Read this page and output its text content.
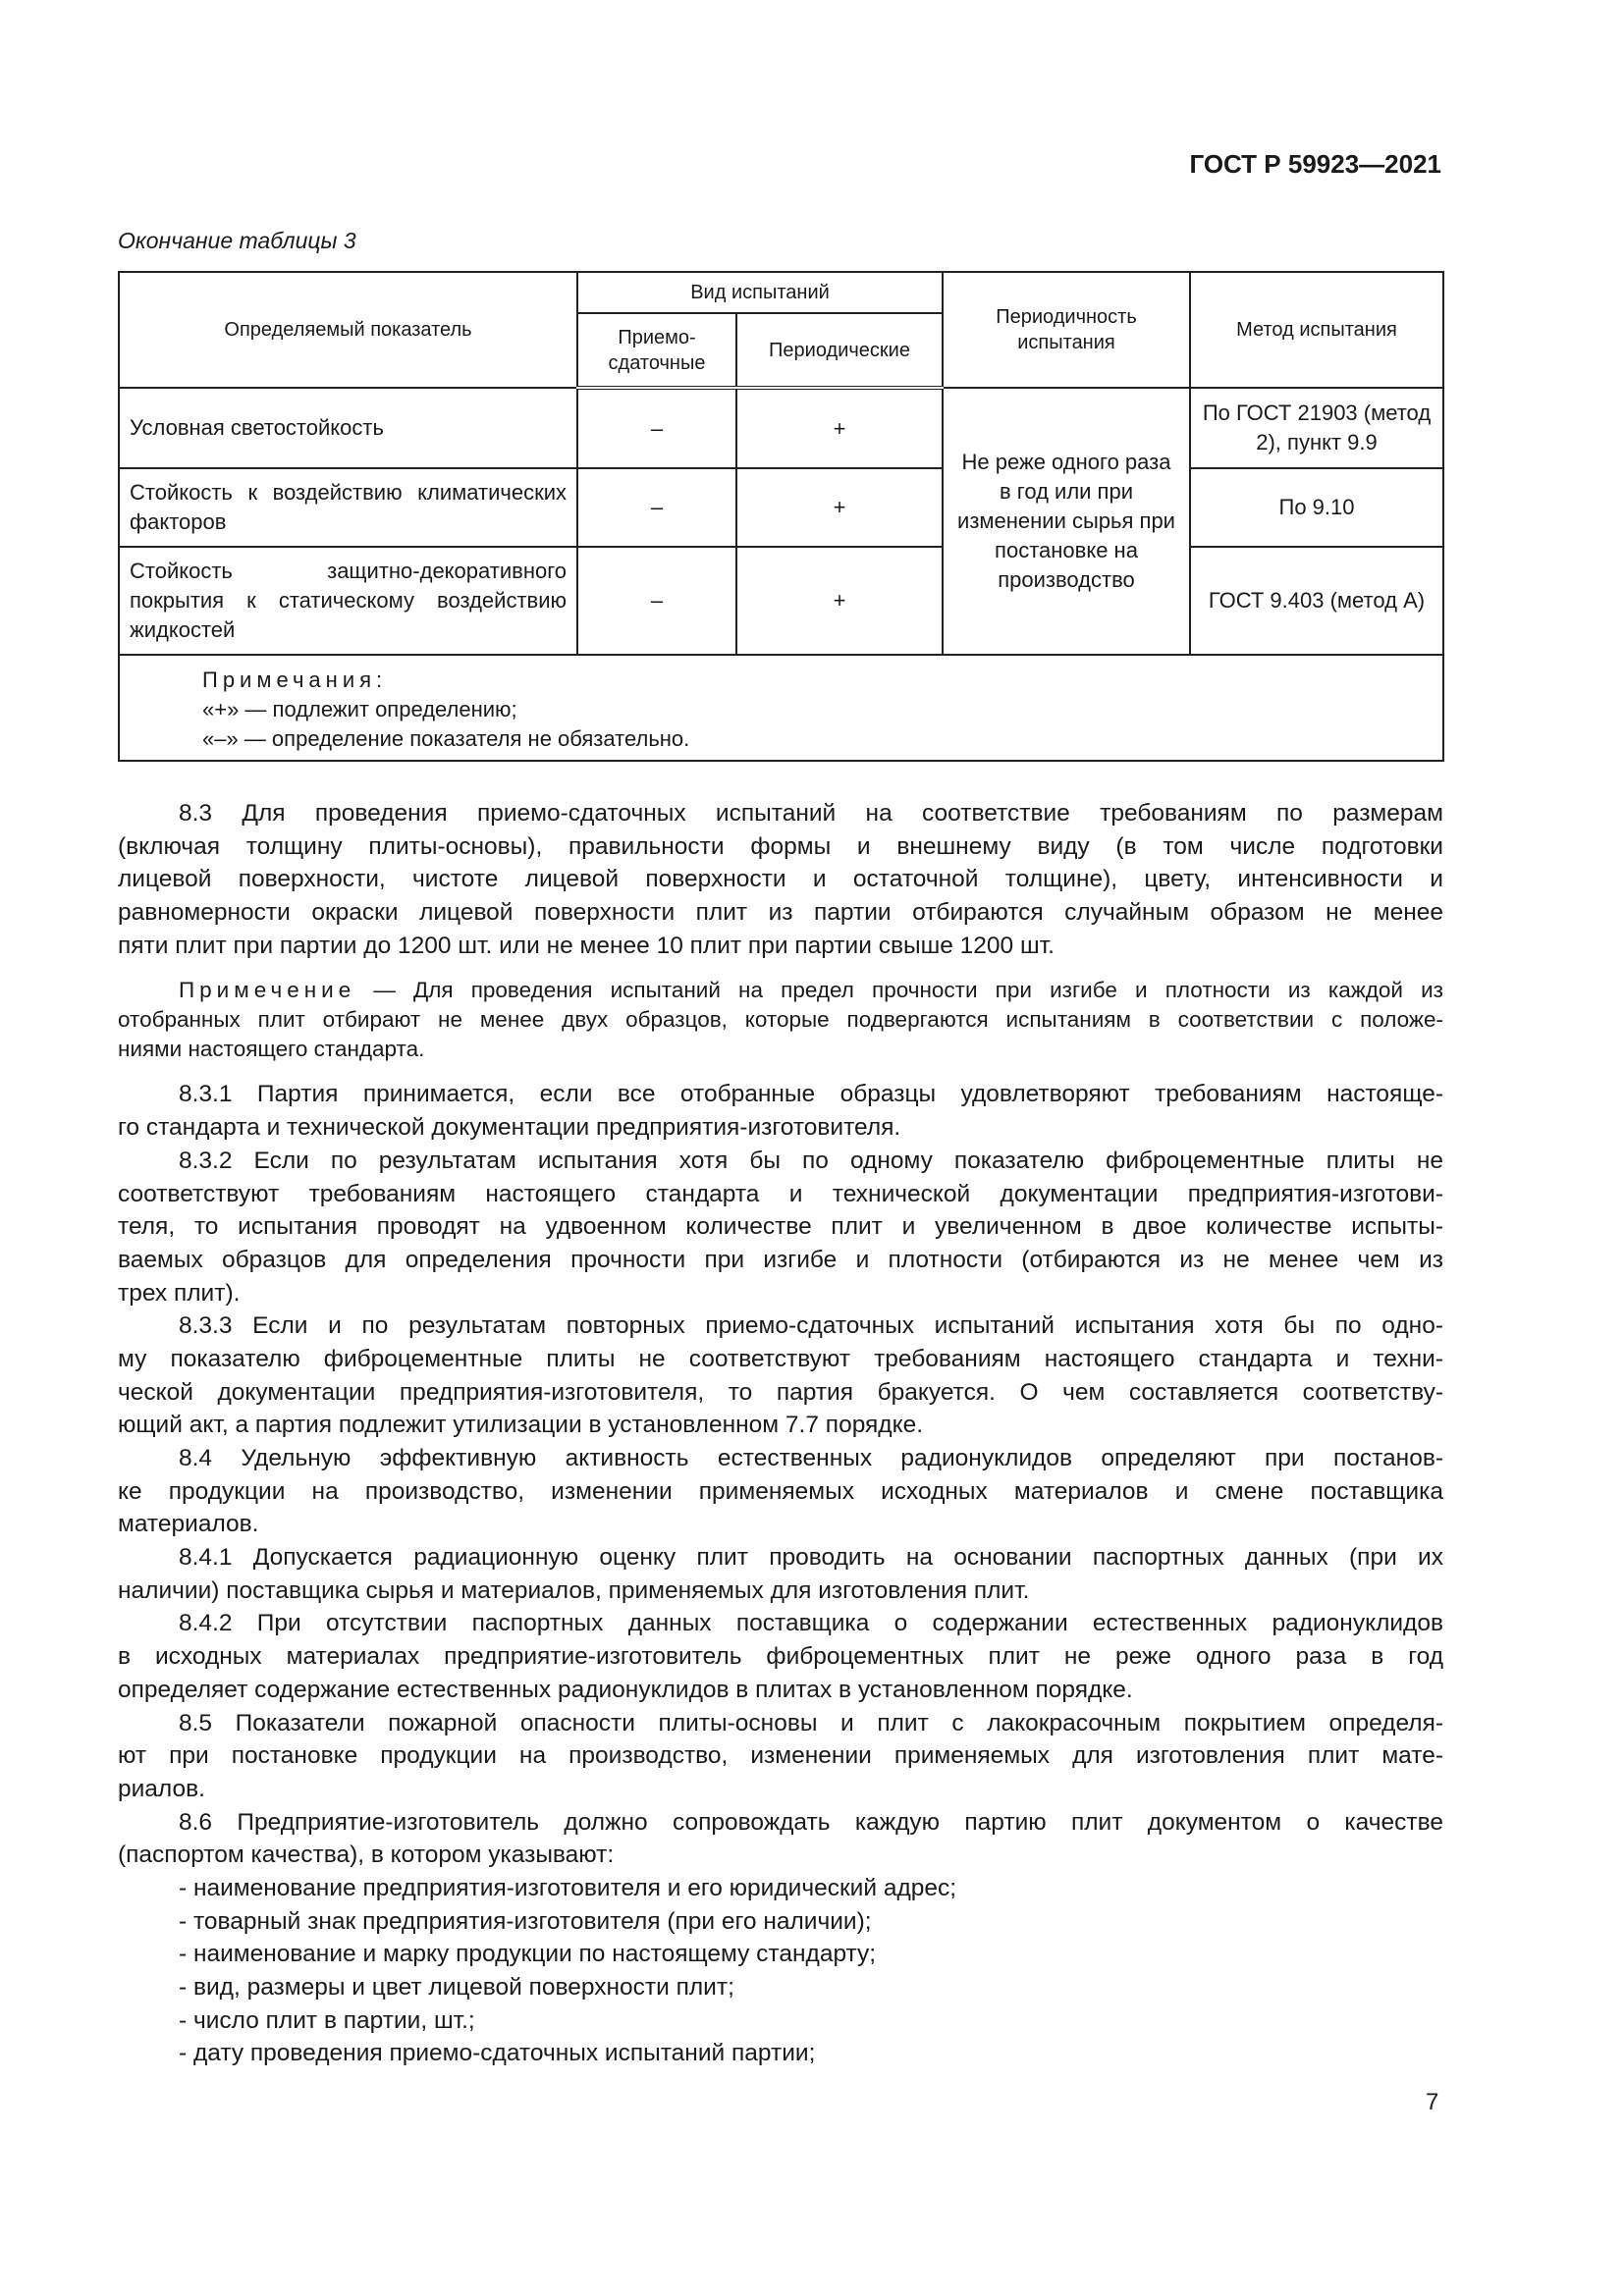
ГОСТ Р 59923—2021
Окончание таблицы 3
Определяемый показатель	Вид испытаний		Периодичность испытания	Метод испытания
	Приемо-сдаточные	Периодические		
Условная светостойкость	–	+	Не реже одного раза в год или при изменении сырья при постановке на производство	По ГОСТ 21903 (метод 2), пункт 9.9
Стойкость к воздействию климатических факторов	–	+		По 9.10
Стойкость защитно-декоративного покрытия к статическому воздействию жидкостей	–	+		ГОСТ 9.403 (метод А)

Примечания:
«+» — подлежит определению;
«–» — определение показателя не обязательно.				
8.3 Для проведения приемо-сдаточных испытаний на соответствие требованиям по размерам
(включая толщину плиты-основы), правильности формы и внешнему виду (в том числе подготовки
лицевой поверхности, чистоте лицевой поверхности и остаточной толщине), цвету, интенсивности и
равномерности окраски лицевой поверхности плит из партии отбираются случайным образом не менее
пяти плит при партии до 1200 шт. или не менее 10 плит при партии свыше 1200 шт.
Примечение — Для проведения испытаний на предел прочности при изгибе и плотности из каждой из
отобранных плит отбирают не менее двух образцов, которые подвергаются испытаниям в соответствии с положе-
ниями настоящего стандарта.
8.3.1 Партия принимается, если все отобранные образцы удовлетворяют требованиям настояще-
го стандарта и технической документации предприятия-изготовителя.
8.3.2 Если по результатам испытания хотя бы по одному показателю фиброцементные плиты не
соответствуют требованиям настоящего стандарта и технической документации предприятия-изготови-
теля, то испытания проводят на удвоенном количестве плит и увеличенном в двое количестве испыты-
ваемых образцов для определения прочности при изгибе и плотности (отбираются из не менее чем из
трех плит).
8.3.3 Если и по результатам повторных приемо-сдаточных испытаний испытания хотя бы по одно-
му показателю фиброцементные плиты не соответствуют требованиям настоящего стандарта и техни-
ческой документации предприятия-изготовителя, то партия бракуется. О чем составляется соответству-
ющий акт, а партия подлежит утилизации в установленном 7.7 порядке.
8.4 Удельную эффективную активность естественных радионуклидов определяют при постанов-
ке продукции на производство, изменении применяемых исходных материалов и смене поставщика
материалов.
8.4.1 Допускается радиационную оценку плит проводить на основании паспортных данных (при их
наличии) поставщика сырья и материалов, применяемых для изготовления плит.
8.4.2 При отсутствии паспортных данных поставщика о содержании естественных радионуклидов
в исходных материалах предприятие-изготовитель фиброцементных плит не реже одного раза в год
определяет содержание естественных радионуклидов в плитах в установленном порядке.
8.5 Показатели пожарной опасности плиты-основы и плит с лакокрасочным покрытием определя-
ют при постановке продукции на производство, изменении применяемых для изготовления плит мате-
риалов.
8.6 Предприятие-изготовитель должно сопровождать каждую партию плит документом о качестве
(паспортом качества), в котором указывают:
- наименование предприятия-изготовителя и его юридический адрес;
- товарный знак предприятия-изготовителя (при его наличии);
- наименование и марку продукции по настоящему стандарту;
- вид, размеры и цвет лицевой поверхности плит;
- число плит в партии, шт.;
- дату проведения приемо-сдаточных испытаний партии;
7
